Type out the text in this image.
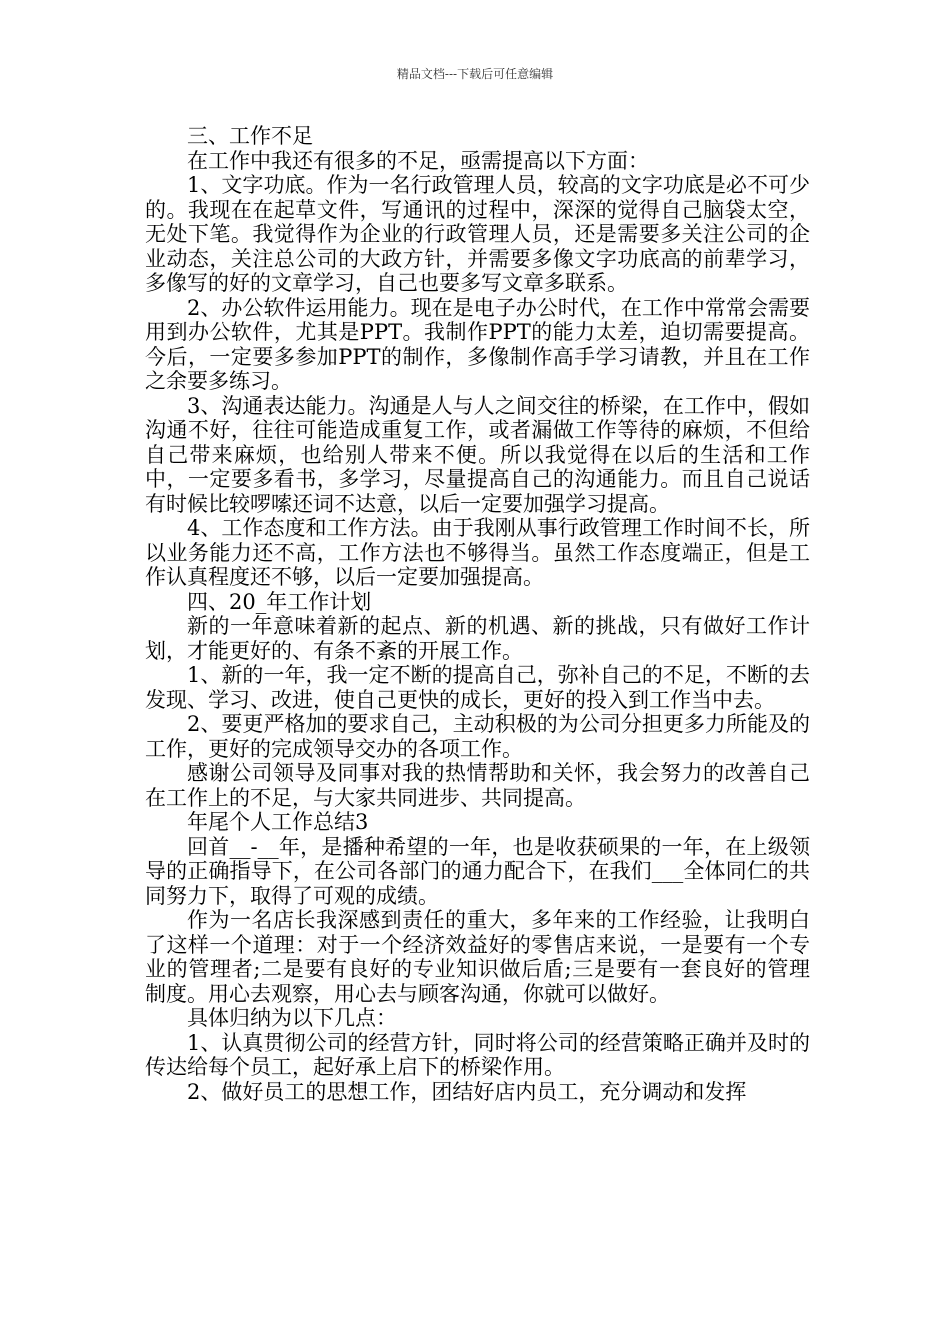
精品文档---下载后可任意编辑

三、工作不足

在工作中我还有很多的不足，亟需提高以下方面：

1、文字功底。作为一名行政管理人员，较高的文字功底是必不可少的。我现在在起草文件，写通讯的过程中，深深的觉得自己脑袋太空，无处下笔。我觉得作为企业的行政管理人员，还是需要多关注公司的企业动态，关注总公司的大政方针，并需要多像文字功底高的前辈学习，多像写的好的文章学习，自己也要多写文章多联系。

2、办公软件运用能力。现在是电子办公时代，在工作中常常会需要用到办公软件，尤其是PPT。我制作PPT的能力太差，迫切需要提高。今后，一定要多参加PPT的制作，多像制作高手学习请教，并且在工作之余要多练习。

3、沟通表达能力。沟通是人与人之间交往的桥梁，在工作中，假如沟通不好，往往可能造成重复工作，或者漏做工作等待的麻烦，不但给自己带来麻烦，也给别人带来不便。所以我觉得在以后的生活和工作中，一定要多看书，多学习，尽量提高自己的沟通能力。而且自己说话有时候比较啰嗦还词不达意，以后一定要加强学习提高。

4、工作态度和工作方法。由于我刚从事行政管理工作时间不长，所以业务能力还不高，工作方法也不够得当。虽然工作态度端正，但是工作认真程度还不够，以后一定要加强提高。

四、20_年工作计划

新的一年意味着新的起点、新的机遇、新的挑战，只有做好工作计划，才能更好的、有条不紊的开展工作。

1、新的一年，我一定不断的提高自己，弥补自己的不足，不断的去发现、学习、改进，使自己更快的成长，更好的投入到工作当中去。

2、要更严格加的要求自己，主动积极的为公司分担更多力所能及的工作，更好的完成领导交办的各项工作。

感谢公司领导及同事对我的热情帮助和关怀，我会努力的改善自己在工作上的不足，与大家共同进步、共同提高。

年尾个人工作总结3

回首__-__年，是播种希望的一年，也是收获硕果的一年，在上级领导的正确指导下，在公司各部门的通力配合下，在我们___全体同仁的共同努力下，取得了可观的成绩。

作为一名店长我深感到责任的重大，多年来的工作经验，让我明白了这样一个道理：对于一个经济效益好的零售店来说，一是要有一个专业的管理者;二是要有良好的专业知识做后盾;三是要有一套良好的管理制度。用心去观察，用心去与顾客沟通，你就可以做好。

具体归纳为以下几点：

1、认真贯彻公司的经营方针，同时将公司的经营策略正确并及时的传达给每个员工，起好承上启下的桥梁作用。

2、做好员工的思想工作，团结好店内员工，充分调动和发挥
